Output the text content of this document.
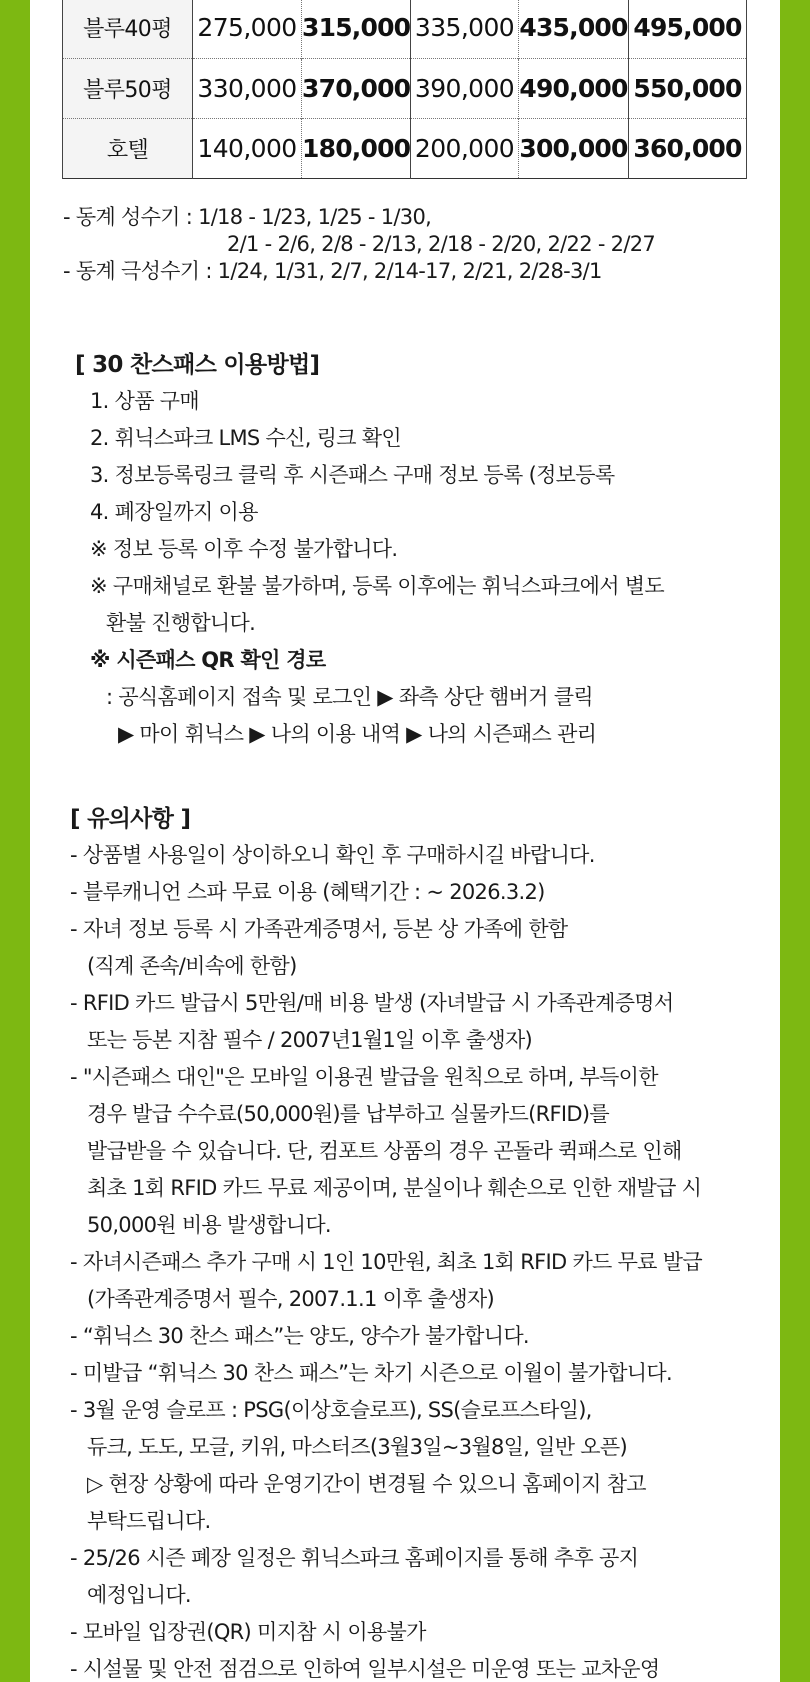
블루40평	275,000	315,000	335,000	435,000	495,000
블루50평	330,000	370,000	390,000	490,000	550,000
호텔	140,000	180,000	200,000	300,000	360,000
- 동계 성수기 : 1/18 - 1/23, 1/25 - 1/30,
2/1 - 2/6, 2/8 - 2/13, 2/18 - 2/20, 2/22 - 2/27
- 동계 극성수기 : 1/24, 1/31, 2/7, 2/14-17, 2/21, 2/28-3/1
[ 30 찬스패스 이용방법]
1. 상품 구매
2. 휘닉스파크 LMS 수신, 링크 확인
3. 정보등록링크 클릭 후 시즌패스 구매 정보 등록 (정보등록
4. 폐장일까지 이용
※ 정보 등록 이후 수정 불가합니다.
※ 구매채널로 환불 불가하며, 등록 이후에는 휘닉스파크에서 별도
환불 진행합니다.
※ 시즌패스 QR 확인 경로
: 공식홈페이지 접속 및 로그인 ▶ 좌측 상단 햄버거 클릭
▶ 마이 휘닉스 ▶ 나의 이용 내역 ▶ 나의 시즌패스 관리
[ 유의사항 ]
- 상품별 사용일이 상이하오니 확인 후 구매하시길 바랍니다.
- 블루캐니언 스파 무료 이용 (혜택기간 : ~ 2026.3.2)
- 자녀 정보 등록 시 가족관계증명서, 등본 상 가족에 한함
(직계 존속/비속에 한함)
- RFID 카드 발급시 5만원/매 비용 발생 (자녀발급 시 가족관계증명서
또는 등본 지참 필수 / 2007년1월1일 이후 출생자)
- "시즌패스 대인"은 모바일 이용권 발급을 원칙으로 하며, 부득이한
경우 발급 수수료(50,000원)를 납부하고 실물카드(RFID)를
발급받을 수 있습니다. 단, 컴포트 상품의 경우 곤돌라 퀵패스로 인해
최초 1회 RFID 카드 무료 제공이며, 분실이나 훼손으로 인한 재발급 시
50,000원 비용 발생합니다.
- 자녀시즌패스 추가 구매 시 1인 10만원, 최초 1회 RFID 카드 무료 발급
(가족관계증명서 필수, 2007.1.1 이후 출생자)
- “휘닉스 30 찬스 패스”는 양도, 양수가 불가합니다.
- 미발급 “휘닉스 30 찬스 패스”는 차기 시즌으로 이월이 불가합니다.
- 3월 운영 슬로프 : PSG(이상호슬로프), SS(슬로프스타일),
듀크, 도도, 모글, 키위, 마스터즈(3월3일~3월8일, 일반 오픈)
▷ 현장 상황에 따라 운영기간이 변경될 수 있으니 홈페이지 참고
부탁드립니다.
- 25/26 시즌 폐장 일정은 휘닉스파크 홈페이지를 통해 추후 공지
예정입니다.
- 모바일 입장권(QR) 미지참 시 이용불가
- 시설물 및 안전 점검으로 인하여 일부시설은 미운영 또는 교차운영
